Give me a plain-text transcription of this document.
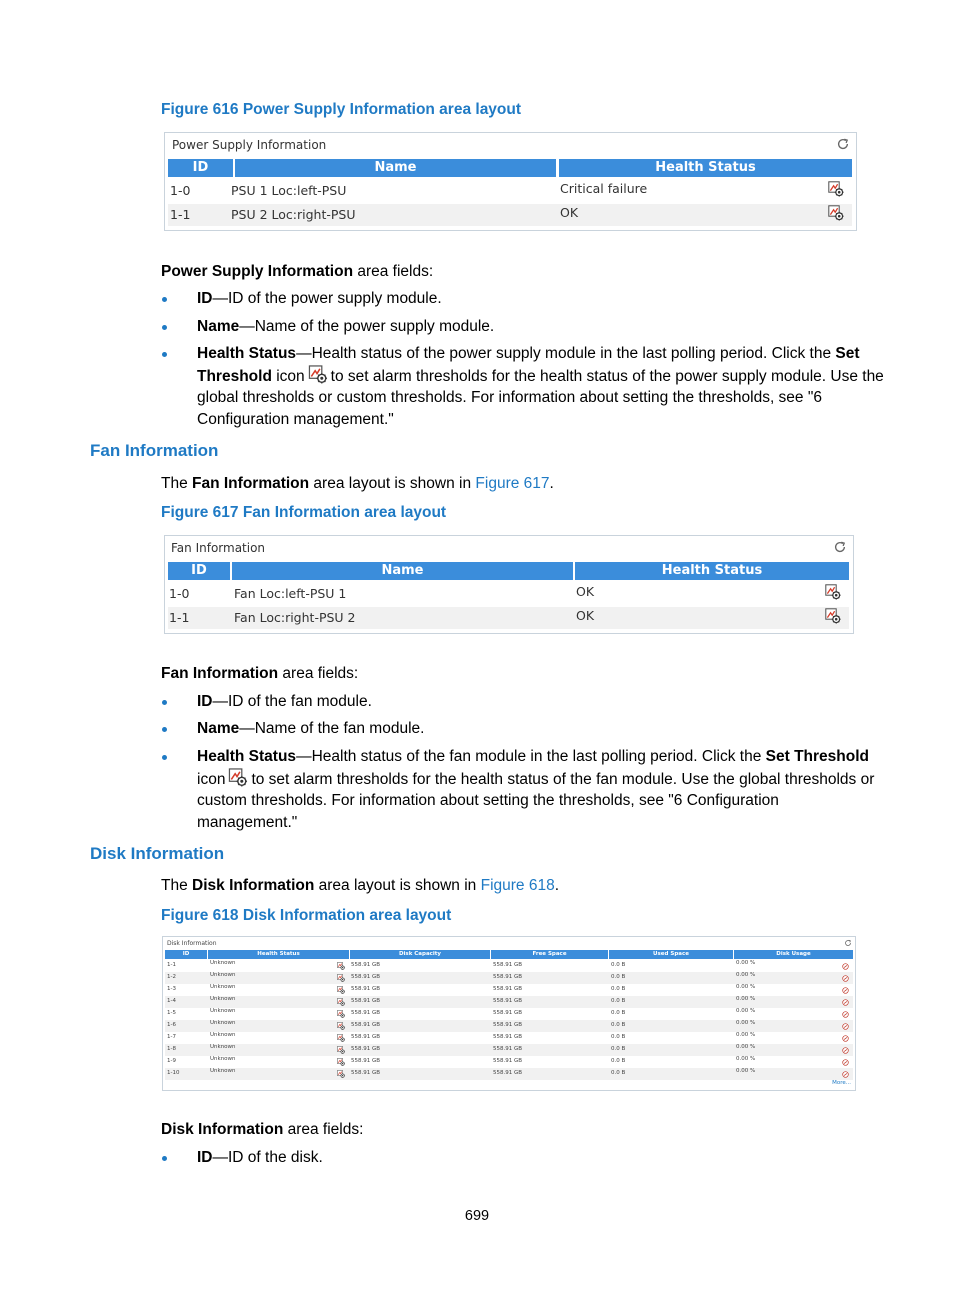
Figure 616 Power Supply Information area layout
Power Supply Information
ID	Name	Health Status
1-0	PSU 1 Loc:left-PSU	Critical failure
1-1	PSU 2 Loc:right-PSU	OK
Power Supply Information area fields:
ID—ID of the power supply module.
Name—Name of the power supply module.
Health Status—Health status of the power supply module in the last polling period. Click the Set
Threshold icon to set alarm thresholds for the health status of the power supply module. Use the
global thresholds or custom thresholds. For information about setting the thresholds, see "6
Configuration management."
Fan Information
The Fan Information area layout is shown in Figure 617.
Figure 617 Fan Information area layout
Fan Information
ID	Name	Health Status
1-0	Fan Loc:left-PSU 1	OK
1-1	Fan Loc:right-PSU 2	OK
Fan Information area fields:
ID—ID of the fan module.
Name—Name of the fan module.
Health Status—Health status of the fan module in the last polling period. Click the Set Threshold
icon to set alarm thresholds for the health status of the fan module. Use the global thresholds or
custom thresholds. For information about setting the thresholds, see "6 Configuration
management."
Disk Information
The Disk Information area layout is shown in Figure 618.
Figure 618 Disk Information area layout
Disk Information
ID	Health Status	Disk Capacity	Free Space	Used Space	Disk Usage
1-1	Unknown	558.91 GB	558.91 GB	0.0 B	0.00 %
1-2	Unknown	558.91 GB	558.91 GB	0.0 B	0.00 %
1-3	Unknown	558.91 GB	558.91 GB	0.0 B	0.00 %
1-4	Unknown	558.91 GB	558.91 GB	0.0 B	0.00 %
1-5	Unknown	558.91 GB	558.91 GB	0.0 B	0.00 %
1-6	Unknown	558.91 GB	558.91 GB	0.0 B	0.00 %
1-7	Unknown	558.91 GB	558.91 GB	0.0 B	0.00 %
1-8	Unknown	558.91 GB	558.91 GB	0.0 B	0.00 %
1-9	Unknown	558.91 GB	558.91 GB	0.0 B	0.00 %
1-10	Unknown	558.91 GB	558.91 GB	0.0 B	0.00 %
More...
Disk Information area fields:
ID—ID of the disk.
699
